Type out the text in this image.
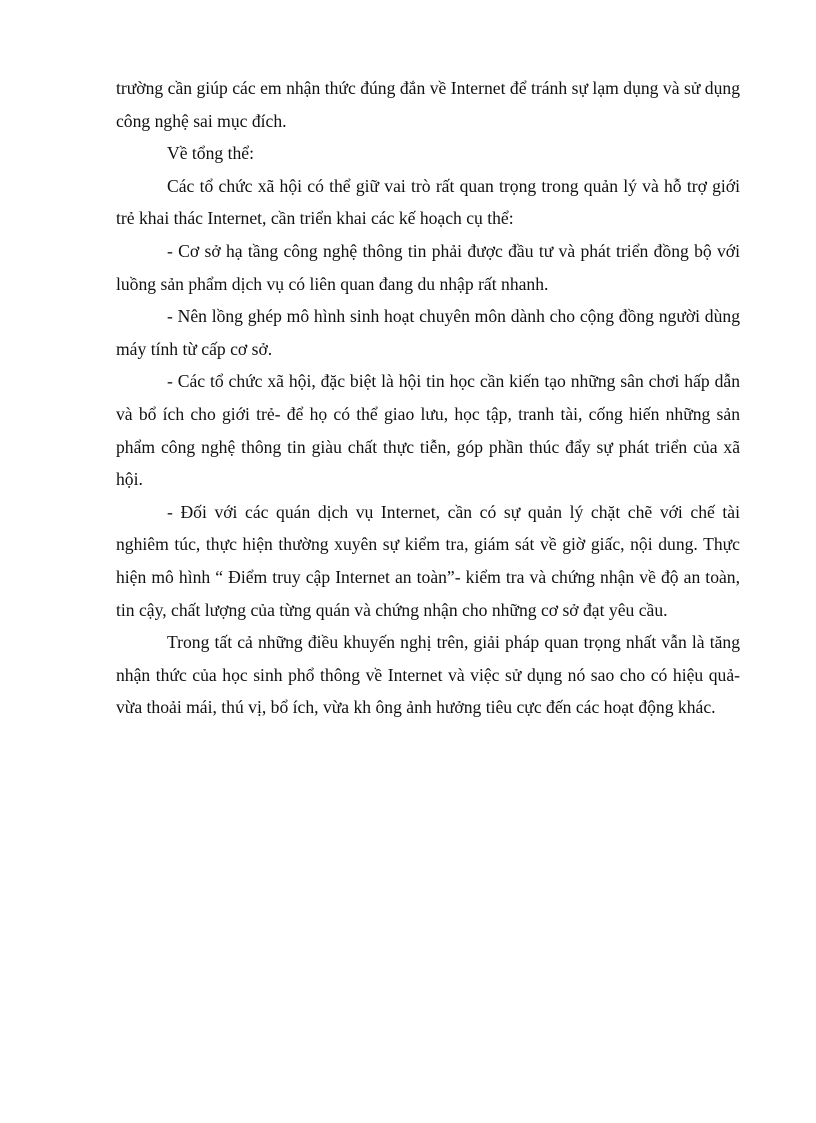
trường cần giúp các em nhận thức đúng đắn về Internet để tránh sự lạm dụng và sử dụng công nghệ sai mục đích.

Về tổng thể:

Các tổ chức xã hội có thể giữ vai trò rất quan trọng trong quản lý và hỗ trợ giới trẻ khai thác Internet, cần triển khai các kế hoạch cụ thể:

- Cơ sở hạ tầng công nghệ thông tin phải được đầu tư và phát triển đồng bộ với luồng sản phẩm dịch vụ có liên quan đang du nhập rất nhanh.

- Nên lồng ghép mô hình sinh hoạt chuyên môn dành cho cộng đồng người dùng máy tính từ cấp cơ sở.

- Các tổ chức xã hội, đặc biệt là hội tin học cần kiến tạo những sân chơi hấp dẫn và bổ ích cho giới trẻ- để họ có thể giao lưu, học tập, tranh tài, cống hiến những sản phẩm công nghệ thông tin giàu chất thực tiễn, góp phần thúc đẩy sự phát triển của xã hội.

- Đối với các quán dịch vụ Internet, cần có sự quản lý chặt chẽ với chế tài nghiêm túc, thực hiện thường xuyên sự kiểm tra, giám sát về giờ giấc, nội dung. Thực hiện mô hình “ Điểm truy cập Internet an toàn”- kiểm tra và chứng nhận về độ an toàn, tin cậy, chất lượng của từng quán và chứng nhận cho những cơ sở đạt yêu cầu.

Trong tất cả những điều khuyến nghị trên, giải pháp quan trọng nhất vẫn là tăng nhận thức của học sinh phổ thông về Internet và việc sử dụng nó sao cho có hiệu quả- vừa thoải mái, thú vị, bổ ích, vừa kh ông ảnh hưởng tiêu cực đến các hoạt động khác.
